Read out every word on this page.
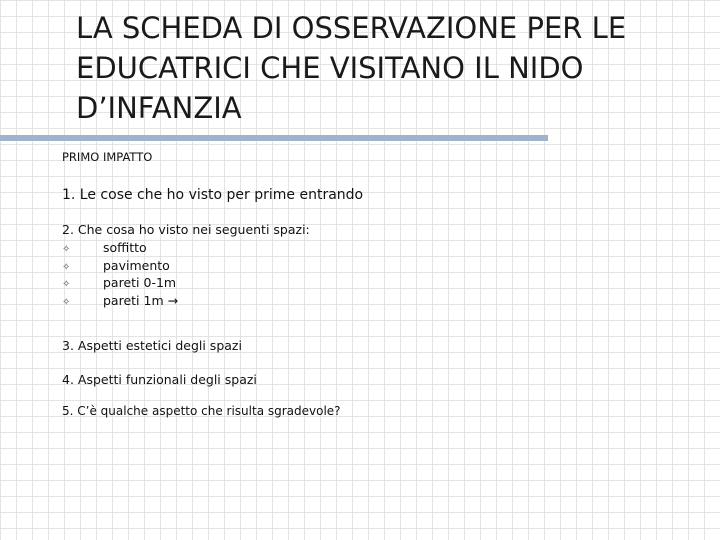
LA SCHEDA DI OSSERVAZIONE PER LE
EDUCATRICI CHE VISITANO IL NIDO
D’INFANZIA
PRIMO IMPATTO
1. Le cose che ho visto per prime entrando
2. Che cosa ho visto nei seguenti spazi:
✧	soffitto
✧	pavimento
✧	pareti 0-1m
✧	pareti 1m →
3. Aspetti estetici degli spazi
4. Aspetti funzionali degli spazi
5. C’è qualche aspetto che risulta sgradevole?
